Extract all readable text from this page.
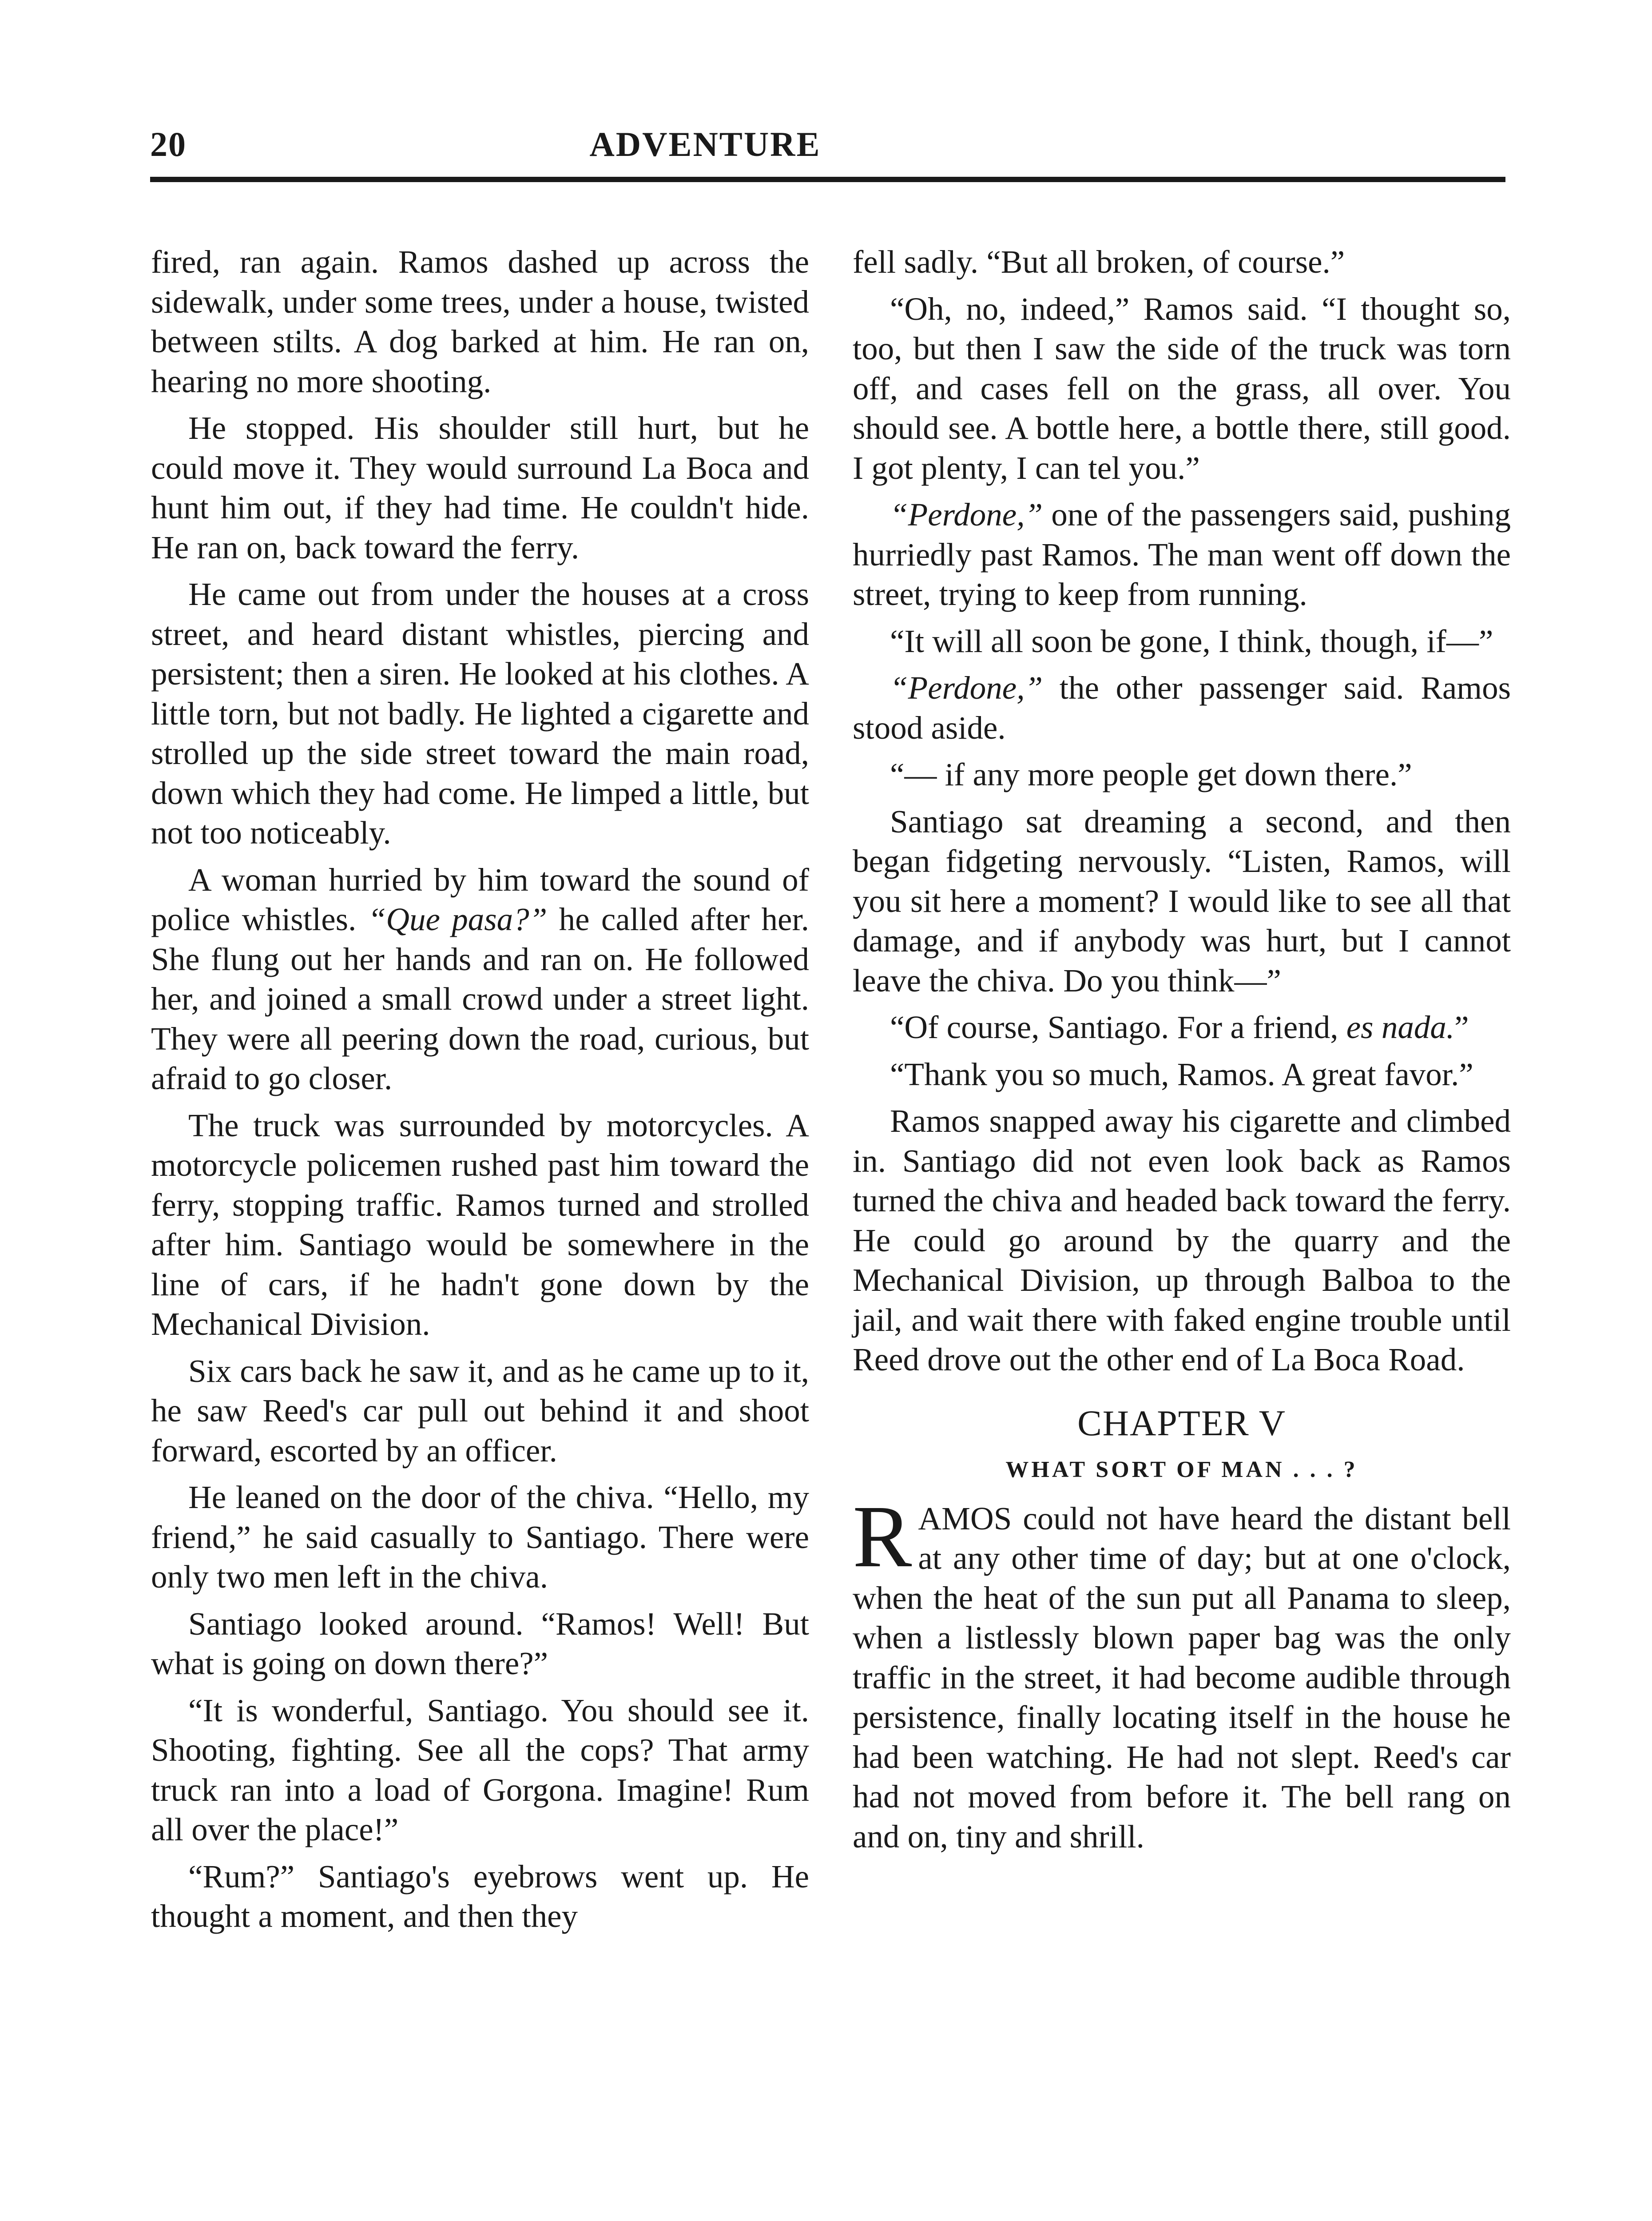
20	ADVENTURE

fired, ran again. Ramos dashed up across the sidewalk, under some trees, under a house, twisted between stilts. A dog barked at him. He ran on, hearing no more shooting.

He stopped. His shoulder still hurt, but he could move it. They would surround La Boca and hunt him out, if they had time. He couldn't hide. He ran on, back toward the ferry.

He came out from under the houses at a cross street, and heard distant whistles, piercing and persistent; then a siren. He looked at his clothes. A little torn, but not badly. He lighted a cigarette and strolled up the side street toward the main road, down which they had come. He limped a little, but not too noticeably.

A woman hurried by him toward the sound of police whistles. “Que pasa?” he called after her. She flung out her hands and ran on. He followed her, and joined a small crowd under a street light. They were all peering down the road, curious, but afraid to go closer.

The truck was surrounded by motorcycles. A motorcycle policemen rushed past him toward the ferry, stopping traffic. Ramos turned and strolled after him. Santiago would be somewhere in the line of cars, if he hadn't gone down by the Mechanical Division.

Six cars back he saw it, and as he came up to it, he saw Reed's car pull out behind it and shoot forward, escorted by an officer.

He leaned on the door of the chiva. “Hello, my friend,” he said casually to Santiago. There were only two men left in the chiva.

Santiago looked around. “Ramos! Well! But what is going on down there?”

“It is wonderful, Santiago. You should see it. Shooting, fighting. See all the cops? That army truck ran into a load of Gorgona. Imagine! Rum all over the place!”

“Rum?” Santiago's eyebrows went up. He thought a moment, and then they

fell sadly. “But all broken, of course.”

“Oh, no, indeed,” Ramos said. “I thought so, too, but then I saw the side of the truck was torn off, and cases fell on the grass, all over. You should see. A bottle here, a bottle there, still good. I got plenty, I can tel you.”

“Perdone,” one of the passengers said, pushing hurriedly past Ramos. The man went off down the street, trying to keep from running.

“It will all soon be gone, I think, though, if—”

“Perdone,” the other passenger said. Ramos stood aside.

“— if any more people get down there.”

Santiago sat dreaming a second, and then began fidgeting nervously. “Listen, Ramos, will you sit here a moment? I would like to see all that damage, and if anybody was hurt, but I cannot leave the chiva. Do you think—”

“Of course, Santiago. For a friend, es nada.”

“Thank you so much, Ramos. A great favor.”

Ramos snapped away his cigarette and climbed in. Santiago did not even look back as Ramos turned the chiva and headed back toward the ferry. He could go around by the quarry and the Mechanical Division, up through Balboa to the jail, and wait there with faked engine trouble until Reed drove out the other end of La Boca Road.

CHAPTER V
WHAT SORT OF MAN . . . ?

RAMOS could not have heard the distant bell at any other time of day; but at one o'clock, when the heat of the sun put all Panama to sleep, when a listlessly blown paper bag was the only traffic in the street, it had become audible through persistence, finally locating itself in the house he had been watching. He had not slept. Reed's car had not moved from before it. The bell rang on and on, tiny and shrill.
